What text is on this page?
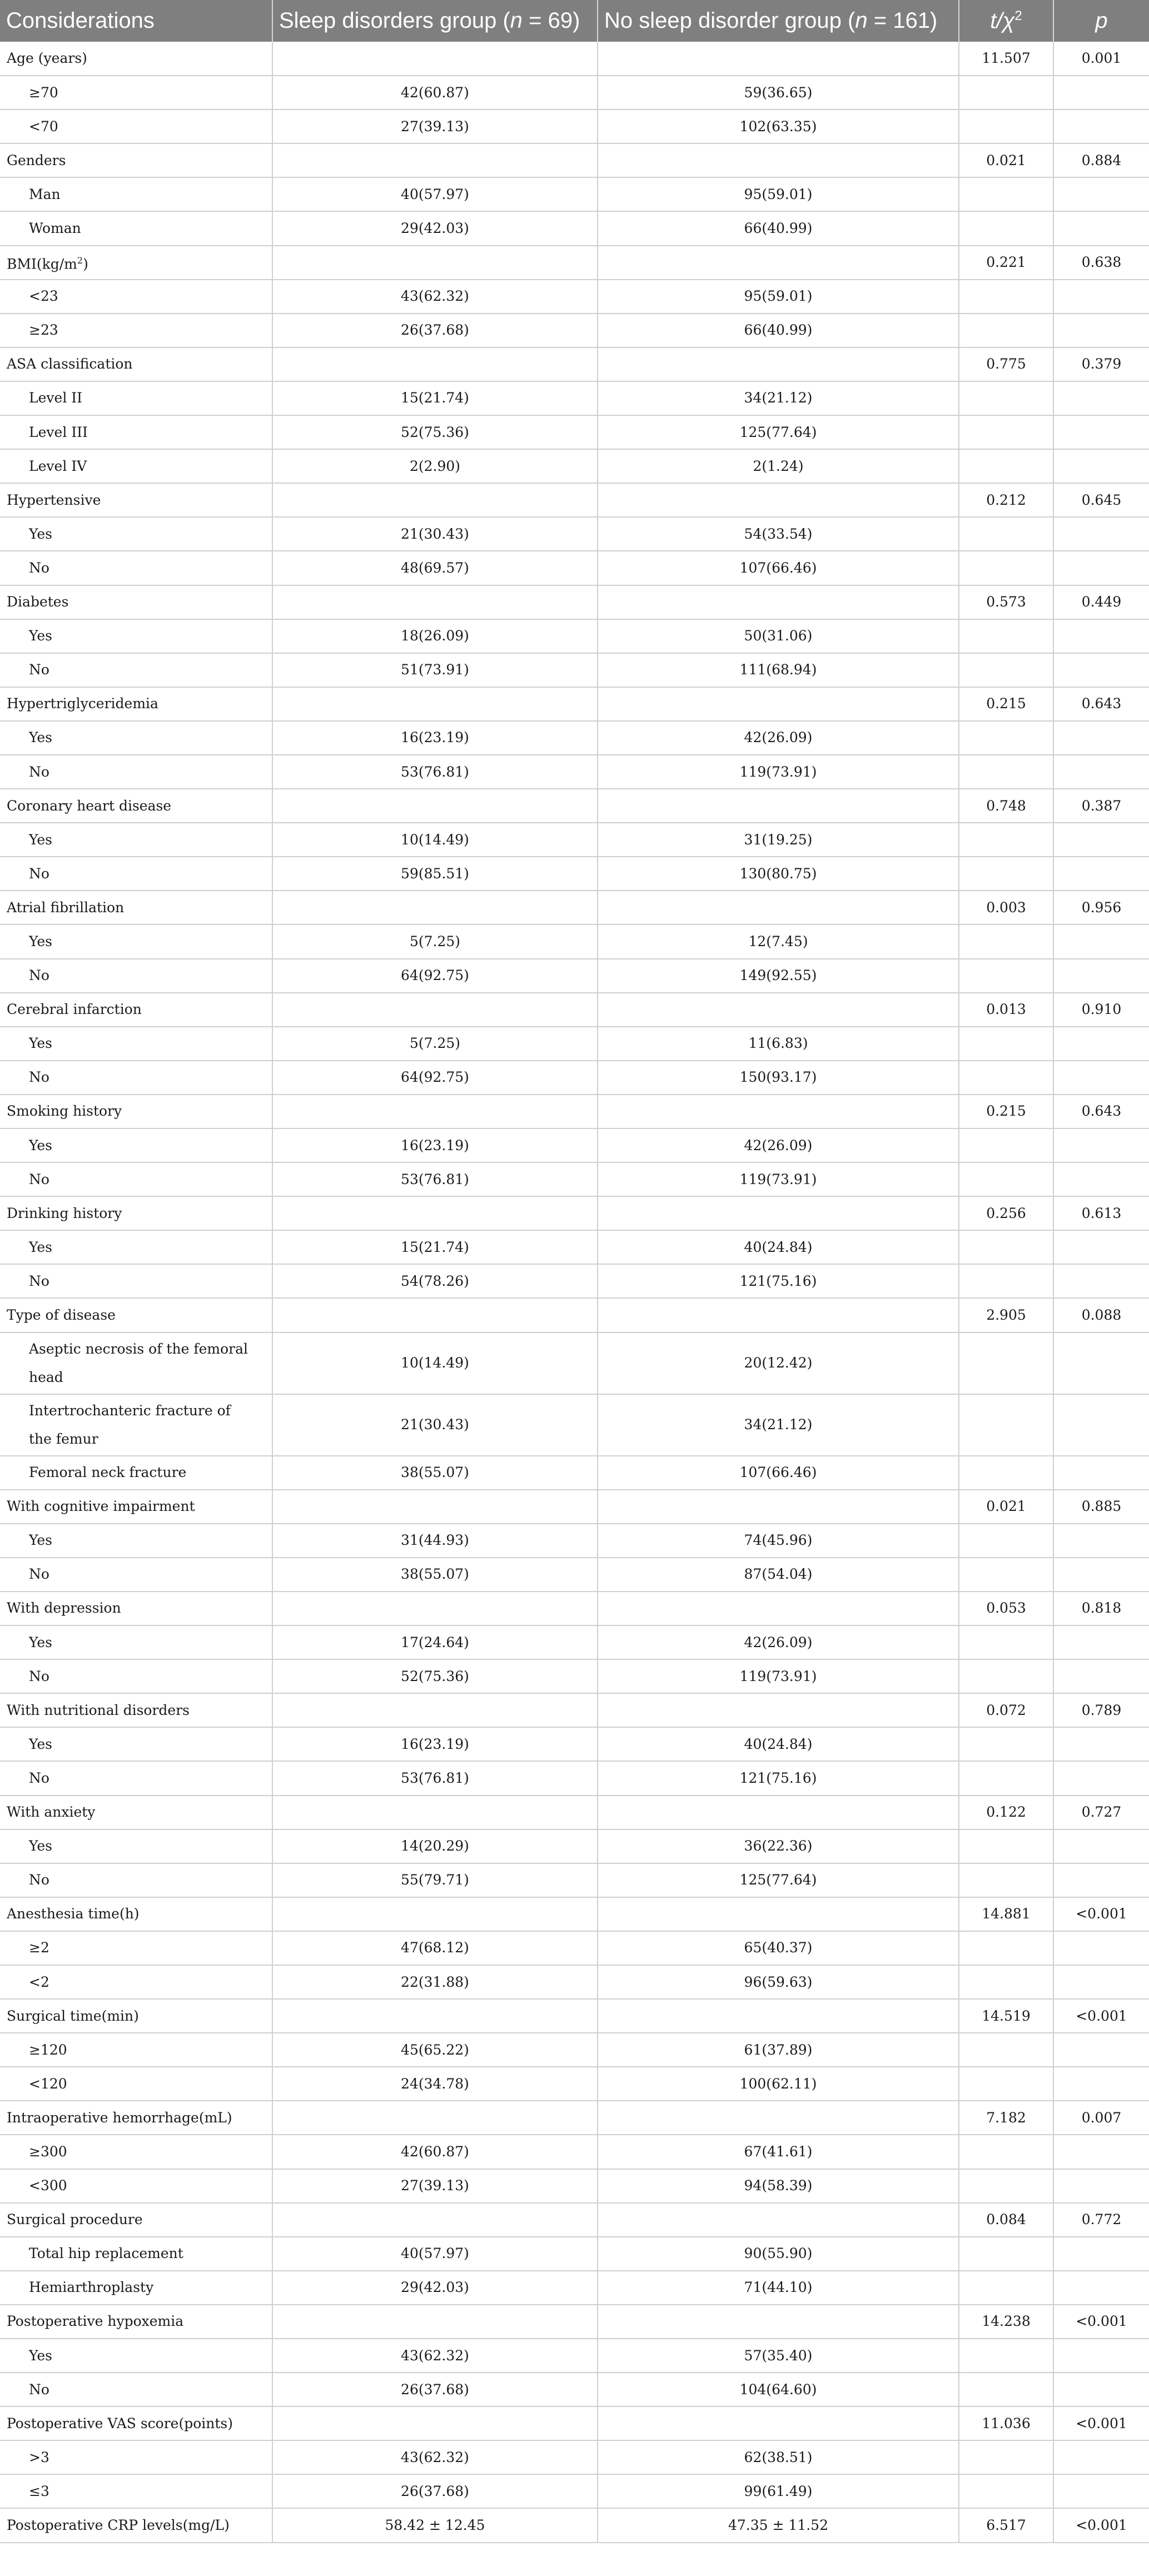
Considerations	Sleep disorders group (n = 69)	No sleep disorder group (n = 161)	$t/\chi^2$	p
Age (years)			11.507	0.001
≥70	42(60.87)	59(36.65)		
<70	27(39.13)	102(63.35)		
Genders			0.021	0.884
Man	40(57.97)	95(59.01)		
Woman	29(42.03)	66(40.99)		
$BMI(kg/m^2)$			0.221	0.638
<23	43(62.32)	95(59.01)		
≥23	26(37.68)	66(40.99)		
ASA classification			0.775	0.379
Level II	15(21.74)	34(21.12)		
Level III	52(75.36)	125(77.64)		
Level IV	2(2.90)	2(1.24)		
Hypertensive			0.212	0.645
Yes	21(30.43)	54(33.54)		
No	48(69.57)	107(66.46)		
Diabetes			0.573	0.449
Yes	18(26.09)	50(31.06)		
No	51(73.91)	111(68.94)		
Hypertriglyceridemia			0.215	0.643
Yes	16(23.19)	42(26.09)		
No	53(76.81)	119(73.91)		
Coronary heart disease			0.748	0.387
Yes	10(14.49)	31(19.25)		
No	59(85.51)	130(80.75)		
Atrial fibrillation			0.003	0.956
Yes	5(7.25)	12(7.45)		
No	64(92.75)	149(92.55)		
Cerebral infarction			0.013	0.910
Yes	5(7.25)	11(6.83)		
No	64(92.75)	150(93.17)		
Smoking history			0.215	0.643
Yes	16(23.19)	42(26.09)		
No	53(76.81)	119(73.91)		
Drinking history			0.256	0.613
Yes	15(21.74)	40(24.84)		
No	54(78.26)	121(75.16)		
Type of disease			2.905	0.088
Aseptic necrosis of the femoral head	10(14.49)	20(12.42)		
Intertrochanteric fracture of the femur	21(30.43)	34(21.12)		
Femoral neck fracture	38(55.07)	107(66.46)		
With cognitive impairment			0.021	0.885
Yes	31(44.93)	74(45.96)		
No	38(55.07)	87(54.04)		
With depression			0.053	0.818
Yes	17(24.64)	42(26.09)		
No	52(75.36)	119(73.91)		
With nutritional disorders			0.072	0.789
Yes	16(23.19)	40(24.84)		
No	53(76.81)	121(75.16)		
With anxiety			0.122	0.727
Yes	14(20.29)	36(22.36)		
No	55(79.71)	125(77.64)		
Anesthesia time(h)			14.881	<0.001
≥2	47(68.12)	65(40.37)		
<2	22(31.88)	96(59.63)		
Surgical time(min)			14.519	<0.001
≥120	45(65.22)	61(37.89)		
<120	24(34.78)	100(62.11)		
Intraoperative hemorrhage(mL)			7.182	0.007
≥300	42(60.87)	67(41.61)		
<300	27(39.13)	94(58.39)		
Surgical procedure			0.084	0.772
Total hip replacement	40(57.97)	90(55.90)		
Hemiarthroplasty	29(42.03)	71(44.10)		
Postoperative hypoxemia			14.238	<0.001
Yes	43(62.32)	57(35.40)		
No	26(37.68)	104(64.60)		
Postoperative VAS score(points)			11.036	<0.001
>3	43(62.32)	62(38.51)		
≤3	26(37.68)	99(61.49)		
Postoperative CRP levels(mg/L)	58.42 ± 12.45	47.35 ± 11.52	6.517	<0.001
